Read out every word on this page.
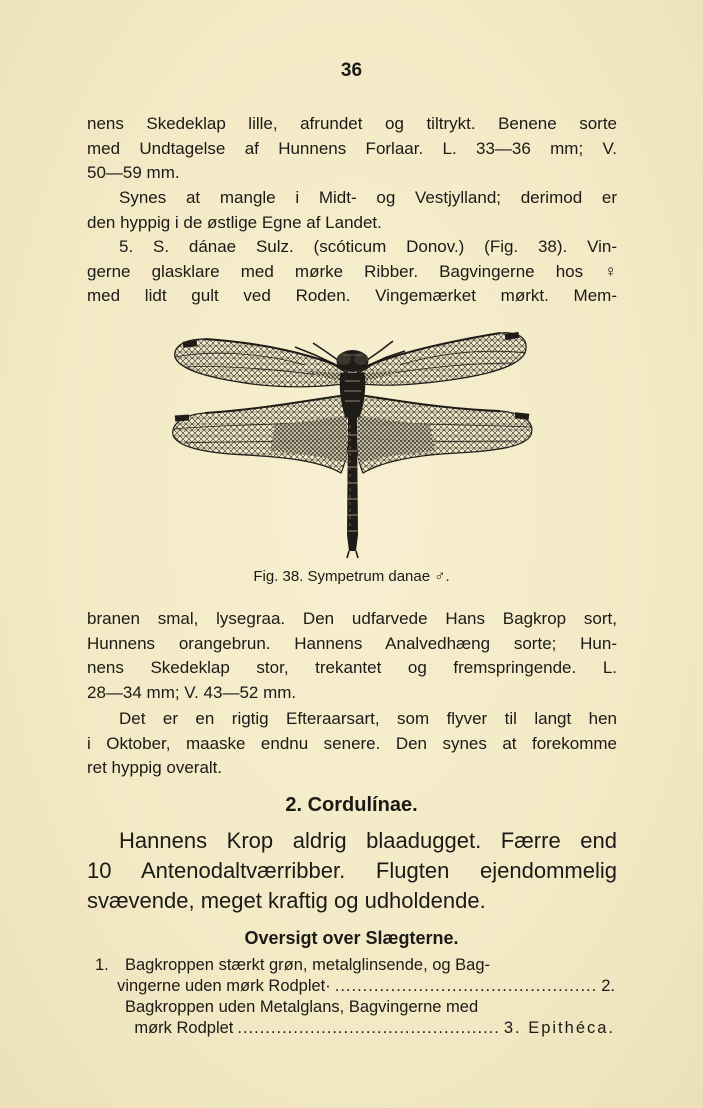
36
nens Skedeklap lille, afrundet og tiltrykt. Benene sorte
med Undtagelse af Hunnens Forlaar. L. 33—36 mm; V.
50—59 mm.
Synes at mangle i Midt- og Vestjylland; derimod er
den hyppig i de østlige Egne af Landet.
5. S. dánae Sulz. (scóticum Donov.) (Fig. 38). Vin-
gerne glasklare med mørke Ribber. Bagvingerne hos ♀
med lidt gult ved Roden. Vingemærket mørkt. Mem-
Fig. 38. Sympetrum danae ♂.
branen smal, lysegraa. Den udfarvede Hans Bagkrop sort,
Hunnens orangebrun. Hannens Analvedhæng sorte; Hun-
nens Skedeklap stor, trekantet og fremspringende. L.
28—34 mm; V. 43—52 mm.
Det er en rigtig Efteraarsart, som flyver til langt hen
i Oktober, maaske endnu senere. Den synes at forekomme
ret hyppig overalt.
2. Cordulínae.
Hannens Krop aldrig blaadugget. Færre end
10 Antenodaltværribber. Flugten ejendommelig
svævende, meget kraftig og udholdende.
Oversigt over Slægterne.
1. Bagkroppen stærkt grøn, metalglinsende, og Bag-
vingerne uden mørk Rodplet· ............................................... 2.
Bagkroppen uden Metalglans, Bagvingerne med
mørk Rodplet ............................................... 3. Epithéca.
